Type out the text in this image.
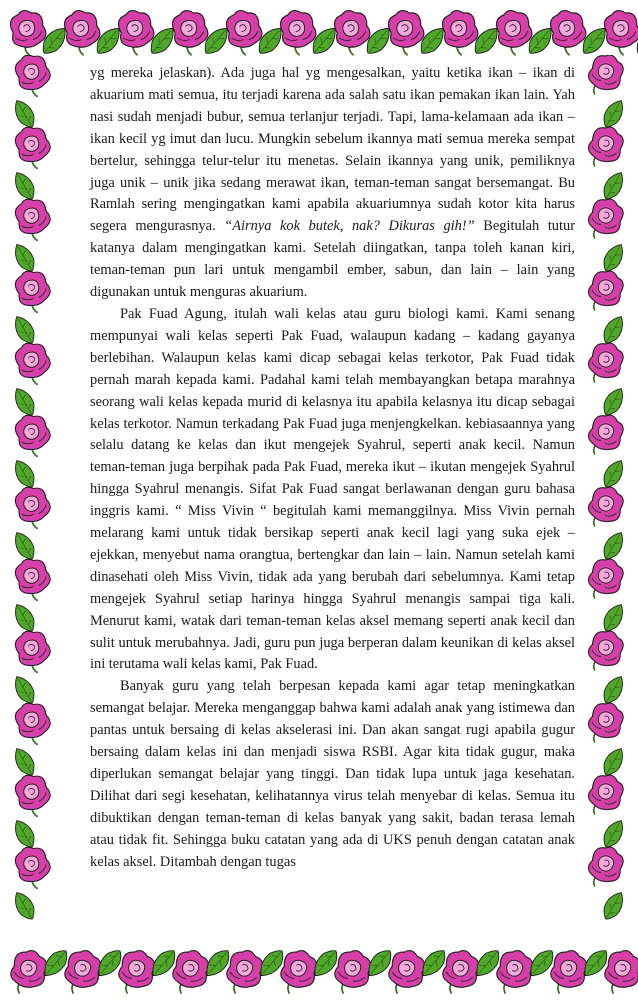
yg mereka jelaskan). Ada juga hal yg mengesalkan, yaitu ketika ikan – ikan di akuarium mati semua, itu terjadi karena ada salah satu ikan pemakan ikan lain. Yah nasi sudah menjadi bubur, semua terlanjur terjadi. Tapi, lama-kelamaan ada ikan – ikan kecil yg imut dan lucu. Mungkin sebelum ikannya mati semua mereka sempat bertelur, sehingga telur-telur itu menetas. Selain ikannya yang unik, pemiliknya juga unik – unik jika sedang merawat ikan, teman-teman sangat bersemangat. Bu Ramlah sering mengingatkan kami apabila akuariumnya sudah kotor kita harus segera mengurasnya. “Airnya kok butek, nak? Dikuras gih!” Begitulah tutur katanya dalam mengingatkan kami. Setelah diingatkan, tanpa toleh kanan kiri, teman-teman pun lari untuk mengambil ember, sabun, dan lain – lain yang digunakan untuk menguras akuarium.

Pak Fuad Agung, itulah wali kelas atau guru biologi kami. Kami senang mempunyai wali kelas seperti Pak Fuad, walaupun kadang – kadang gayanya berlebihan. Walaupun kelas kami dicap sebagai kelas terkotor, Pak Fuad tidak pernah marah kepada kami. Padahal kami telah membayangkan betapa marahnya seorang wali kelas kepada murid di kelasnya itu apabila kelasnya itu dicap sebagai kelas terkotor. Namun terkadang Pak Fuad juga menjengkelkan. kebiasaannya yang selalu datang ke kelas dan ikut mengejek Syahrul, seperti anak kecil. Namun teman-teman juga berpihak pada Pak Fuad, mereka ikut – ikutan mengejek Syahrul hingga Syahrul menangis. Sifat Pak Fuad sangat berlawanan dengan guru bahasa inggris kami. “ Miss Vivin “ begitulah kami memanggilnya. Miss Vivin pernah melarang kami untuk tidak bersikap seperti anak kecil lagi yang suka ejek – ejekkan, menyebut nama orangtua, bertengkar dan lain – lain. Namun setelah kami dinasehati oleh Miss Vivin, tidak ada yang berubah dari sebelumnya. Kami tetap mengejek Syahrul setiap harinya hingga Syahrul menangis sampai tiga kali. Menurut kami, watak dari teman-teman kelas aksel memang seperti anak kecil dan sulit untuk merubahnya. Jadi, guru pun juga berperan dalam keunikan di kelas aksel ini terutama wali kelas kami, Pak Fuad.

Banyak guru yang telah berpesan kepada kami agar tetap meningkatkan semangat belajar. Mereka menganggap bahwa kami adalah anak yang istimewa dan pantas untuk bersaing di kelas akselerasi ini. Dan akan sangat rugi apabila gugur bersaing dalam kelas ini dan menjadi siswa RSBI. Agar kita tidak gugur, maka diperlukan semangat belajar yang tinggi. Dan tidak lupa untuk jaga kesehatan. Dilihat dari segi kesehatan, kelihatannya virus telah menyebar di kelas. Semua itu dibuktikan dengan teman-teman di kelas banyak yang sakit, badan terasa lemah atau tidak fit. Sehingga buku catatan yang ada di UKS penuh dengan catatan anak kelas aksel. Ditambah dengan tugas
